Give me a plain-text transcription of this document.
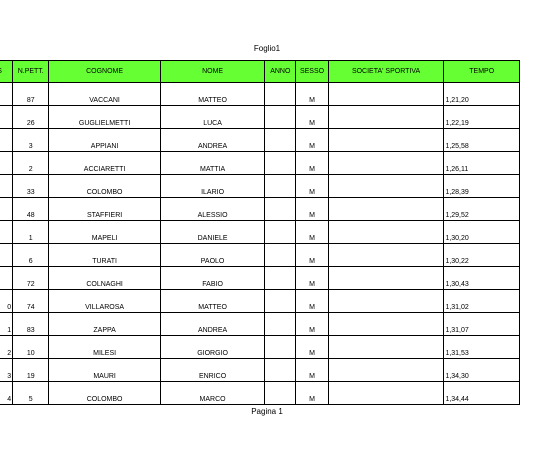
Foglio1
	N.PETT.	COGNOME	NOME	ANNO	SESSO	SOCIETA' SPORTIVA	TEMPO
	87	VACCANI	MATTEO		M		1,21,20
	26	GUGLIELMETTI	LUCA		M		1,22,19
	3	APPIANI	ANDREA		M		1,25,58
	2	ACCIARETTI	MATTIA		M		1,26,11
	33	COLOMBO	ILARIO		M		1,28,39
	48	STAFFIERI	ALESSIO		M		1,29,52
	1	MAPELI	DANIELE		M		1,30,20
	6	TURATI	PAOLO		M		1,30,22
	72	COLNAGHI	FABIO		M		1,30,43
0	74	VILLAROSA	MATTEO		M		1,31,02
1	83	ZAPPA	ANDREA		M		1,31,07
2	10	MILESI	GIORGIO		M		1,31,53
3	19	MAURI	ENRICO		M		1,34,30
4	5	COLOMBO	MARCO		M		1,34,44
Pagina 1
